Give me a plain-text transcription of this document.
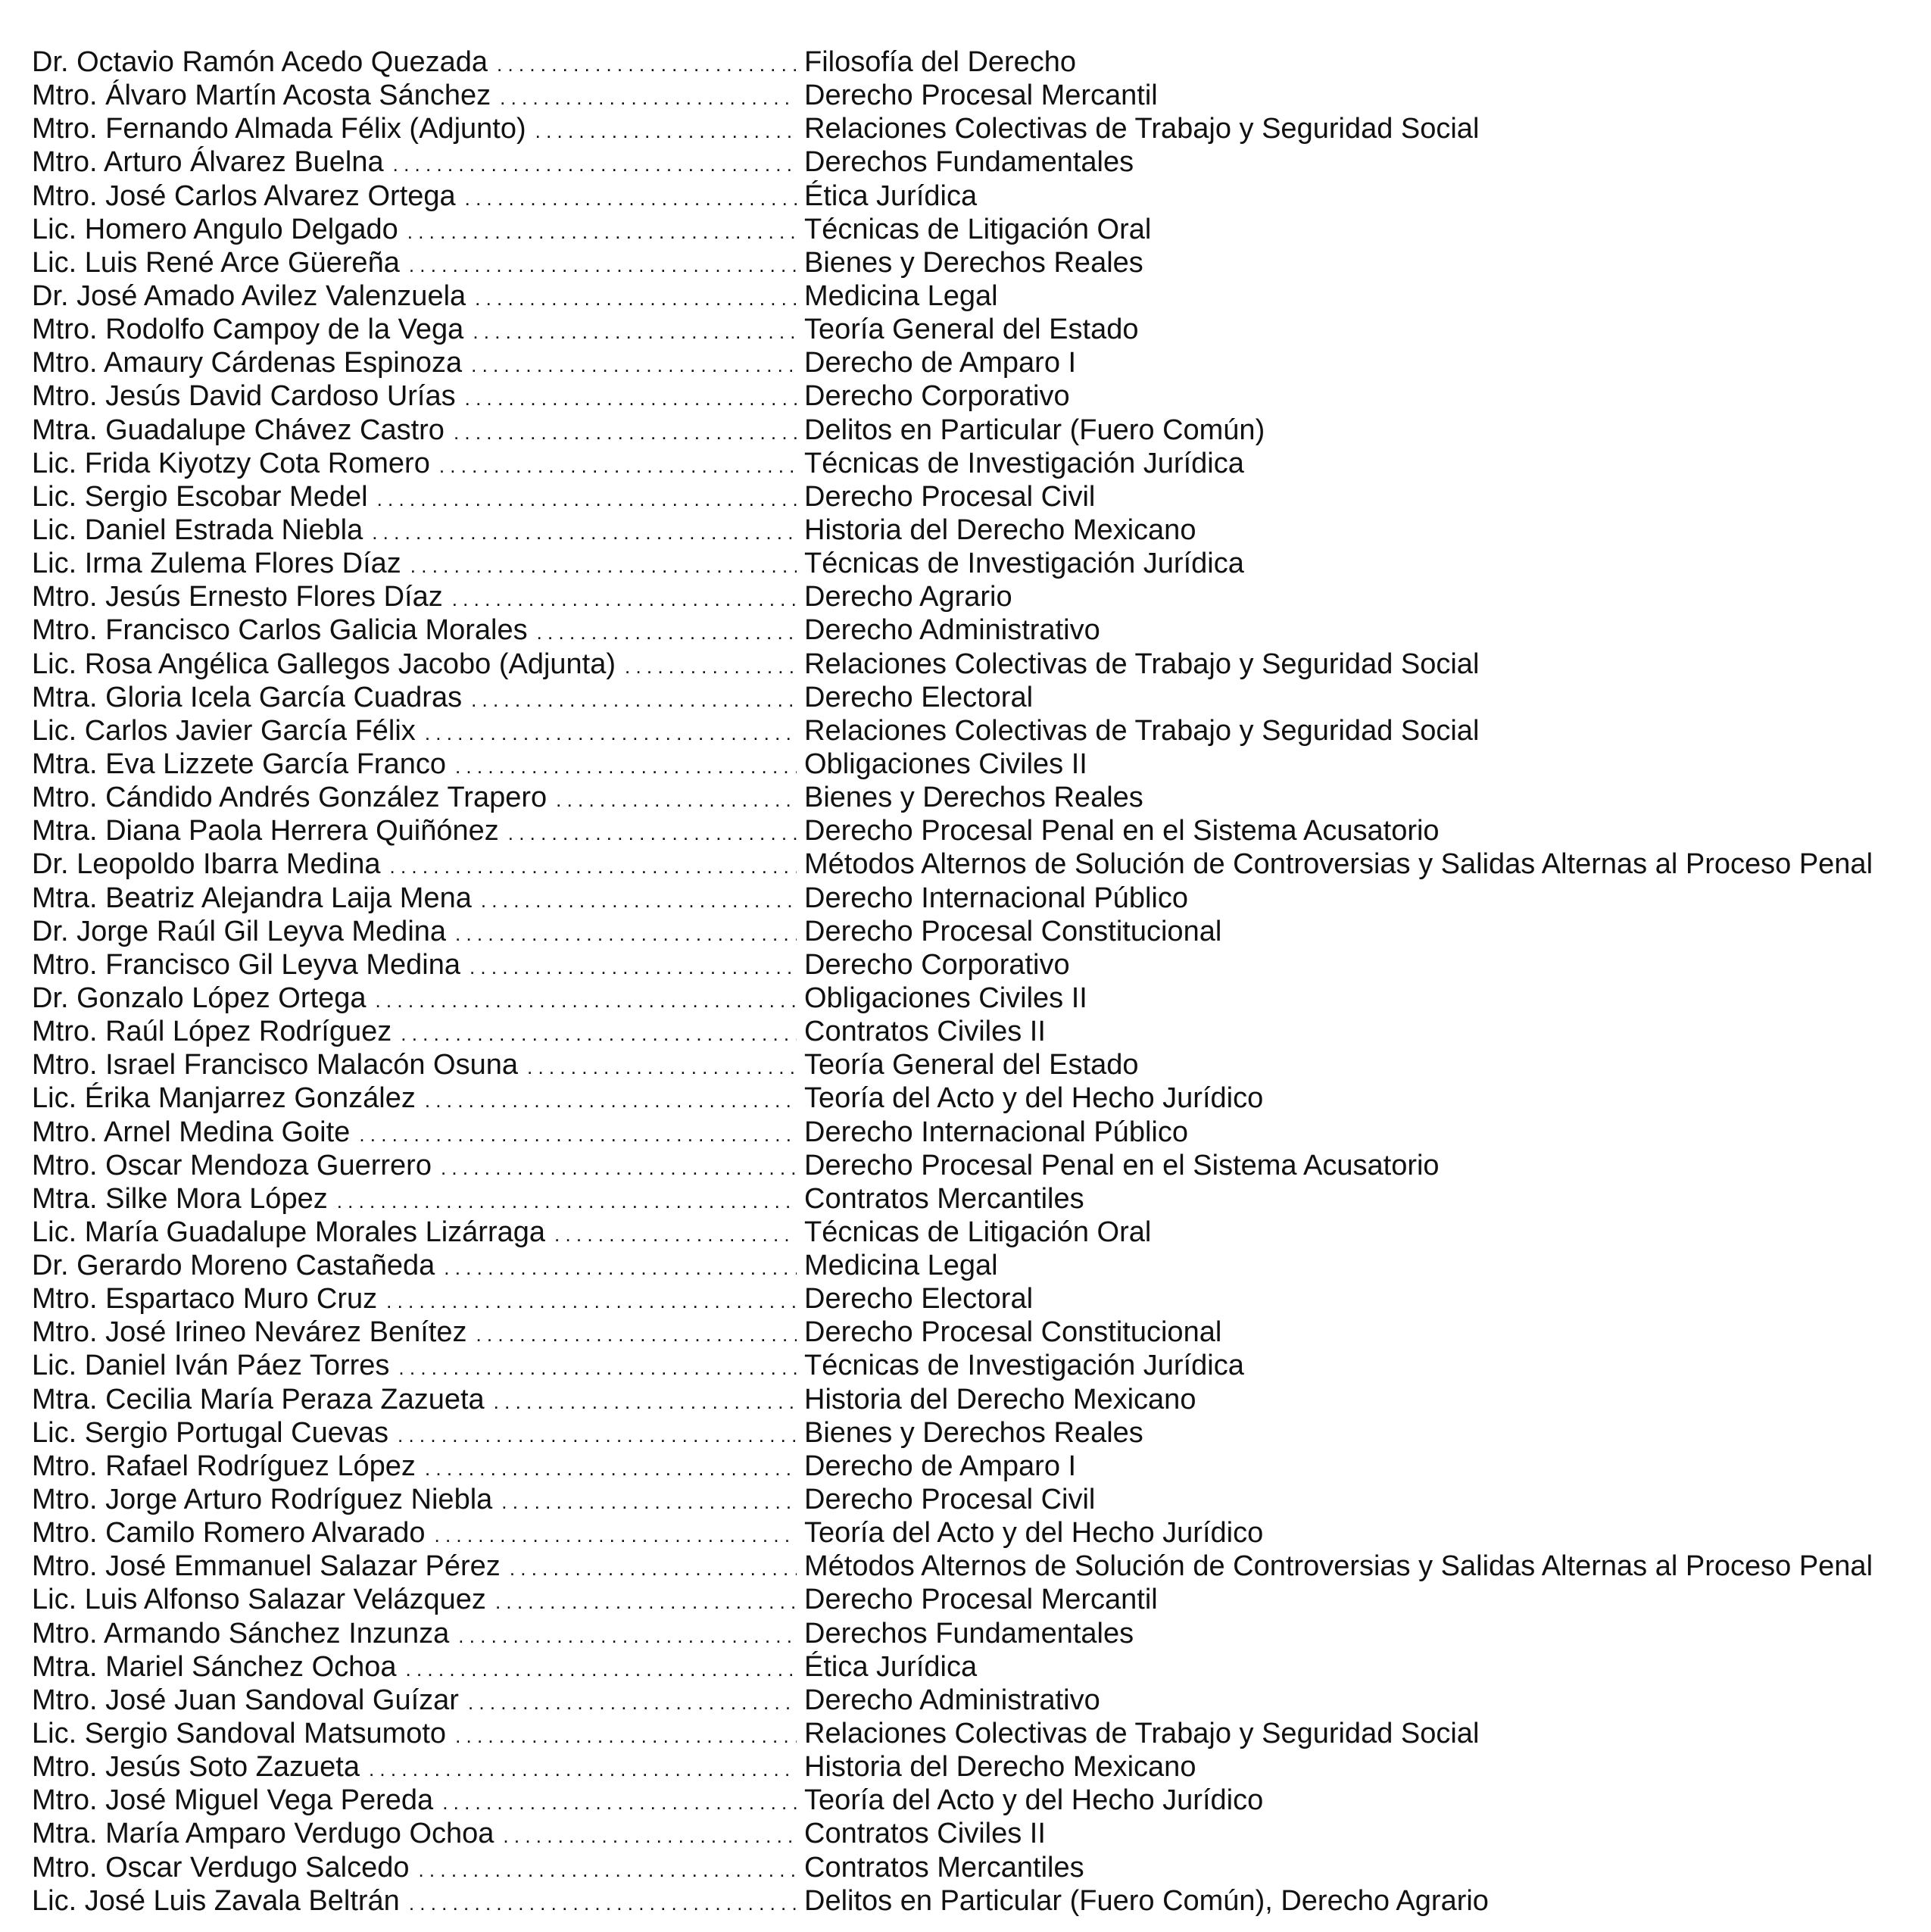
Dr. Octavio Ramón Acedo Quezada . . .	Filosofía del Derecho
Mtro. Álvaro Martín Acosta Sánchez . . .	Derecho Procesal Mercantil
Mtro. Fernando Almada Félix (Adjunto) . . .	Relaciones Colectivas de Trabajo y Seguridad Social
Mtro. Arturo Álvarez Buelna . . .	Derechos Fundamentales
Mtro. José Carlos Alvarez Ortega . . .	Ética Jurídica
Lic. Homero Angulo Delgado . . .	Técnicas de Litigación Oral
Lic. Luis René Arce Güereña . . .	Bienes y Derechos Reales
Dr. José Amado Avilez Valenzuela . . .	Medicina Legal
Mtro. Rodolfo Campoy de la Vega . . .	Teoría General del Estado
Mtro. Amaury Cárdenas Espinoza . . .	Derecho de Amparo I
Mtro. Jesús David Cardoso Urías . . .	Derecho Corporativo
Mtra. Guadalupe Chávez Castro . . .	Delitos en Particular (Fuero Común)
Lic. Frida Kiyotzy Cota Romero . . .	Técnicas de Investigación Jurídica
Lic. Sergio Escobar Medel . . .	Derecho Procesal Civil
Lic. Daniel Estrada Niebla . . .	Historia del Derecho Mexicano
Lic. Irma Zulema Flores Díaz . . .	Técnicas de Investigación Jurídica
Mtro. Jesús Ernesto Flores Díaz . . .	Derecho Agrario
Mtro. Francisco Carlos Galicia Morales . . .	Derecho Administrativo
Lic. Rosa Angélica Gallegos Jacobo (Adjunta) . . .	Relaciones Colectivas de Trabajo y Seguridad Social
Mtra. Gloria Icela García Cuadras . . .	Derecho Electoral
Lic. Carlos Javier García Félix . . .	Relaciones Colectivas de Trabajo y Seguridad Social
Mtra. Eva Lizzete García Franco . . .	Obligaciones Civiles II
Mtro. Cándido Andrés González Trapero . . .	Bienes y Derechos Reales
Mtra. Diana Paola Herrera Quiñónez . . .	Derecho Procesal Penal en el Sistema Acusatorio
Dr. Leopoldo Ibarra Medina . . .	Métodos Alternos de Solución de Controversias y Salidas Alternas al Proceso Penal
Mtra. Beatriz Alejandra Laija Mena . . .	Derecho Internacional Público
Dr. Jorge Raúl Gil Leyva Medina . . .	Derecho Procesal Constitucional
Mtro. Francisco Gil Leyva Medina . . .	Derecho Corporativo
Dr. Gonzalo López Ortega . . .	Obligaciones Civiles II
Mtro. Raúl López Rodríguez . . .	Contratos Civiles II
Mtro. Israel Francisco Malacón Osuna . . .	Teoría General del Estado
Lic. Érika Manjarrez González . . .	Teoría del Acto y del Hecho Jurídico
Mtro. Arnel Medina Goite . . .	Derecho Internacional Público
Mtro. Oscar Mendoza Guerrero . . .	Derecho Procesal Penal en el Sistema Acusatorio
Mtra. Silke Mora López . . .	Contratos Mercantiles
Lic. María Guadalupe Morales Lizárraga . . .	Técnicas de Litigación Oral
Dr. Gerardo Moreno Castañeda . . .	Medicina Legal
Mtro. Espartaco Muro Cruz . . .	Derecho Electoral
Mtro. José Irineo Nevárez Benítez . . .	Derecho Procesal Constitucional
Lic. Daniel Iván Páez Torres . . .	Técnicas de Investigación Jurídica
Mtra. Cecilia María Peraza Zazueta . . .	Historia del Derecho Mexicano
Lic. Sergio Portugal Cuevas . . .	Bienes y Derechos Reales
Mtro. Rafael Rodríguez López . . .	Derecho de Amparo I
Mtro. Jorge Arturo Rodríguez Niebla . . .	Derecho Procesal Civil
Mtro. Camilo Romero Alvarado . . .	Teoría del Acto y del Hecho Jurídico
Mtro. José Emmanuel Salazar Pérez . . .	Métodos Alternos de Solución de Controversias y Salidas Alternas al Proceso Penal
Lic. Luis Alfonso Salazar Velázquez . . .	Derecho Procesal Mercantil
Mtro. Armando Sánchez Inzunza . . .	Derechos Fundamentales
Mtra. Mariel Sánchez Ochoa . . .	Ética Jurídica
Mtro. José Juan Sandoval Guízar . . .	Derecho Administrativo
Lic. Sergio Sandoval Matsumoto . . .	Relaciones Colectivas de Trabajo y Seguridad Social
Mtro. Jesús Soto Zazueta . . .	Historia del Derecho Mexicano
Mtro. José Miguel Vega Pereda . . .	Teoría del Acto y del Hecho Jurídico
Mtra. María Amparo Verdugo Ochoa . . .	Contratos Civiles II
Mtro. Oscar Verdugo Salcedo . . .	Contratos Mercantiles
Lic. José Luis Zavala Beltrán . . .	Delitos en Particular (Fuero Común), Derecho Agrario
